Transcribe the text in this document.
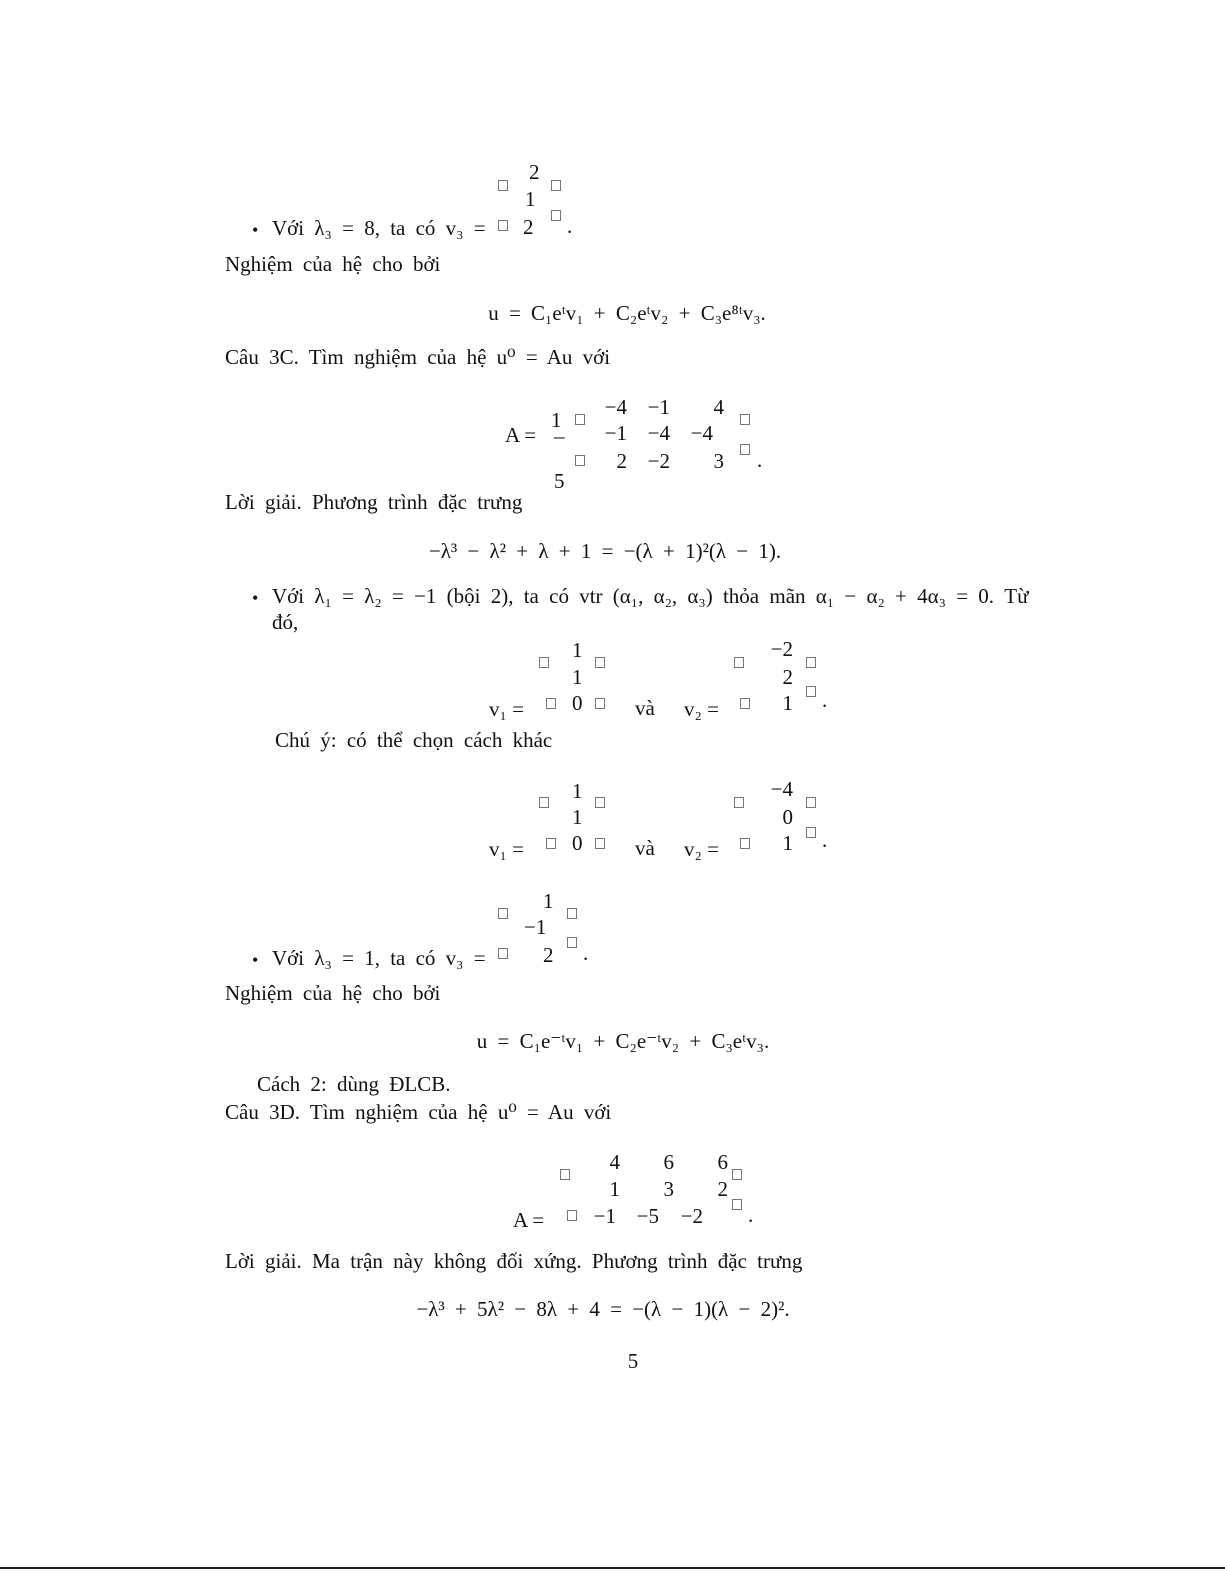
2
1
2
• Với λ₃ = 8, ta có v₃ =	.
Nghiệm của hệ cho bởi
u = C₁eᵗv₁ + C₂eᵗv₂ + C₃e⁸ᵗv₃.
Câu 3C. Tìm nghiệm của hệ u⁰ = Au với
A =
1
–
5
−4 −1 4
−1 −4 −4
2 −2 3 .
Lời giải. Phương trình đặc trưng
−λ³ − λ² + λ + 1 = −(λ + 1)²(λ − 1).
• Với λ₁ = λ₂ = −1 (bội 2), ta có vtr (α₁, α₂, α₃) thỏa mãn α₁ − α₂ + 4α₃ = 0. Từ
đó,
1
1
0
v₁ =	và v₂ =
−2
2
1 .
Chú ý: có thể chọn cách khác
1
1
0
v₁ =	và v₂ =
−4
0
1 .
1
−1
2
• Với λ₃ = 1, ta có v₃ =	.
Nghiệm của hệ cho bởi
u = C₁e⁻ᵗv₁ + C₂e⁻ᵗv₂ + C₃eᵗv₃.
Cách 2: dùng ĐLCB.
Câu 3D. Tìm nghiệm của hệ u⁰ = Au với
4 6 6
1 3 2
−1 −5 −2
A =	.
Lời giải. Ma trận này không đối xứng. Phương trình đặc trưng
−λ³ + 5λ² − 8λ + 4 = −(λ − 1)(λ − 2)².
5
